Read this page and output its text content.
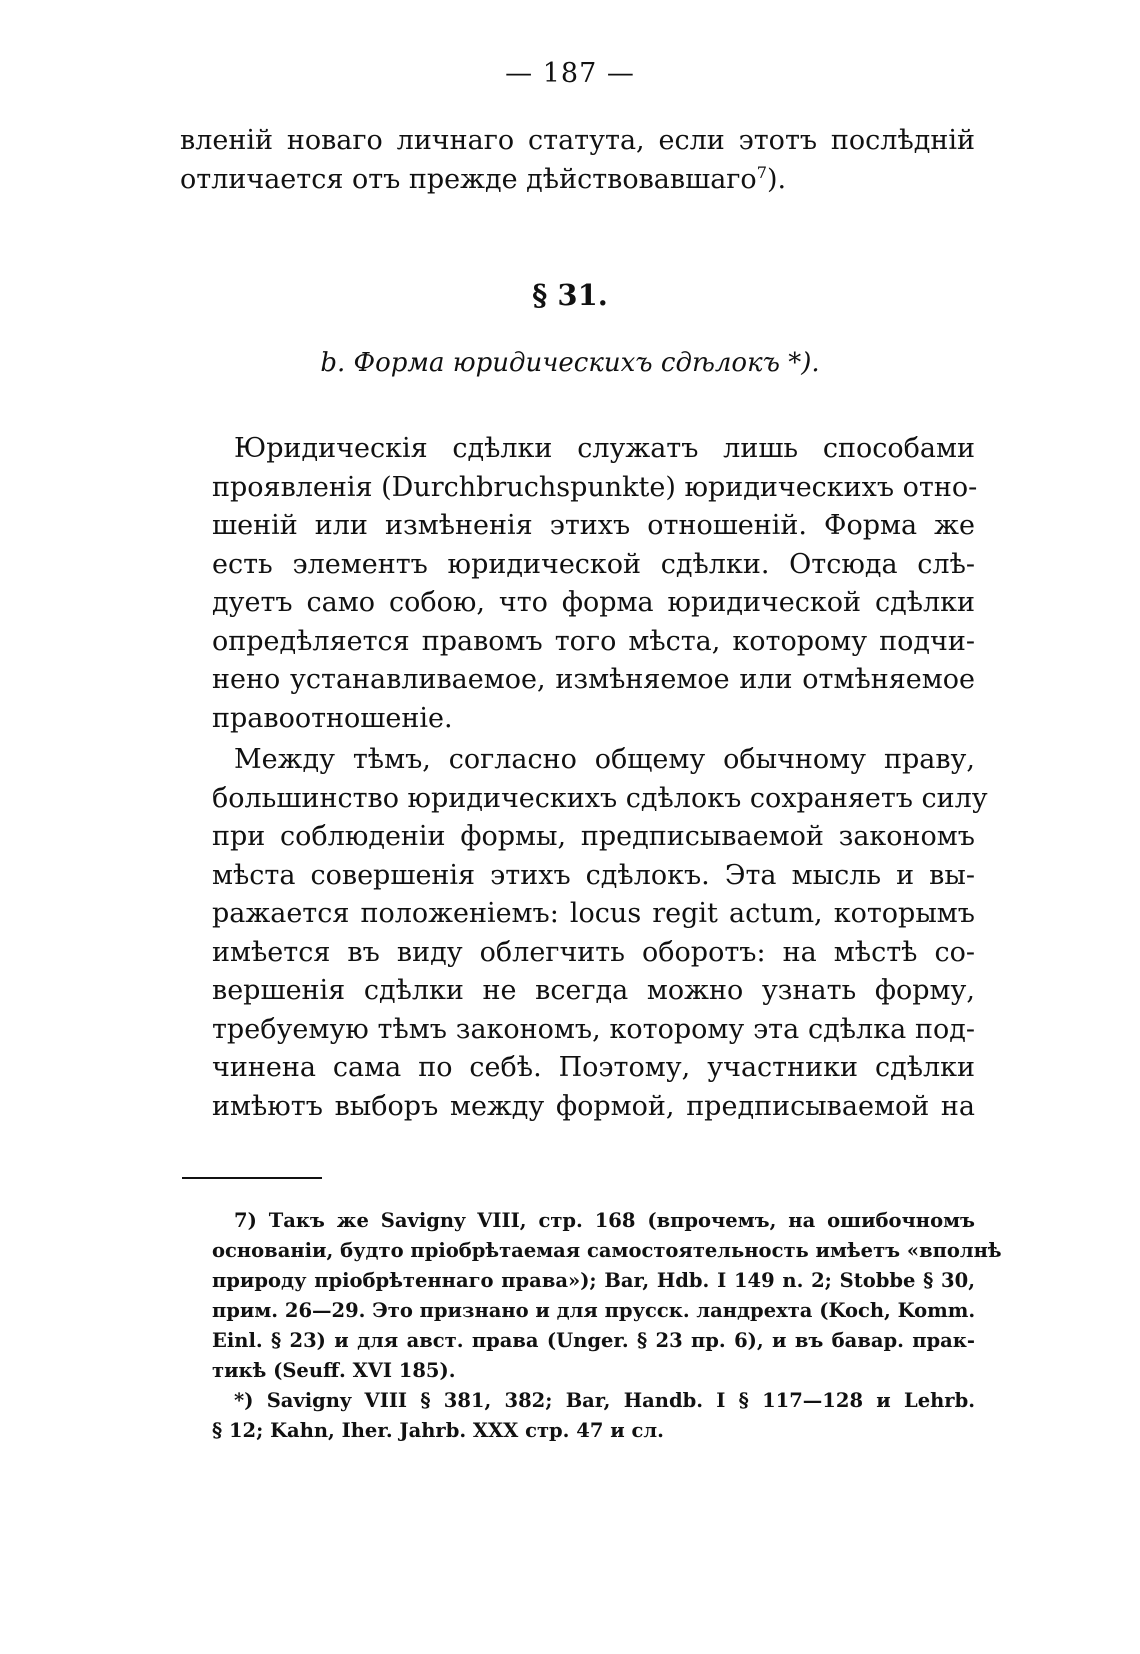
— 187 —
вленій новаго личнаго статута, если этотъ послѣдній
отличается отъ прежде дѣйствовавшаго$^7$).
§ 31.
b. Форма юридическихъ сдѣлокъ *).
Юридическія сдѣлки служатъ лишь способами
проявленія (Durchbruchspunkte) юридическихъ отно-
шеній или измѣненія этихъ отношеній. Форма же
есть элементъ юридической сдѣлки. Отсюда слѣ-
дуетъ само собою, что форма юридической сдѣлки
опредѣляется правомъ того мѣста, которому подчи-
нено устанавливаемое, измѣняемое или отмѣняемое
правоотношеніе.
Между тѣмъ, согласно общему обычному праву,
большинство юридическихъ сдѣлокъ сохраняетъ силу
при соблюденіи формы, предписываемой закономъ
мѣста совершенія этихъ сдѣлокъ. Эта мысль и вы-
ражается положеніемъ: locus regit actum, которымъ
имѣется въ виду облегчить оборотъ: на мѣстѣ со-
вершенія сдѣлки не всегда можно узнать форму,
требуемую тѣмъ закономъ, которому эта сдѣлка под-
чинена сама по себѣ. Поэтому, участники сдѣлки
имѣютъ выборъ между формой, предписываемой на
7) Такъ же Savigny VIII, стр. 168 (впрочемъ, на ошибочномъ
основаніи, будто пріобрѣтаемая самостоятельность имѣетъ «вполнѣ
природу пріобрѣтеннаго права»); Bar, Hdb. I 149 n. 2; Stobbe § 30,
прим. 26—29. Это признано и для прусск. ландрехта (Koch, Komm.
Einl. § 23) и для авст. права (Unger. § 23 пр. 6), и въ бавар. прак-
тикѣ (Seuff. XVI 185).
*) Savigny VIII § 381, 382; Bar, Handb. I § 117—128 и Lehrb.
§ 12; Kahn, Iher. Jahrb. XXX стр. 47 и сл.
